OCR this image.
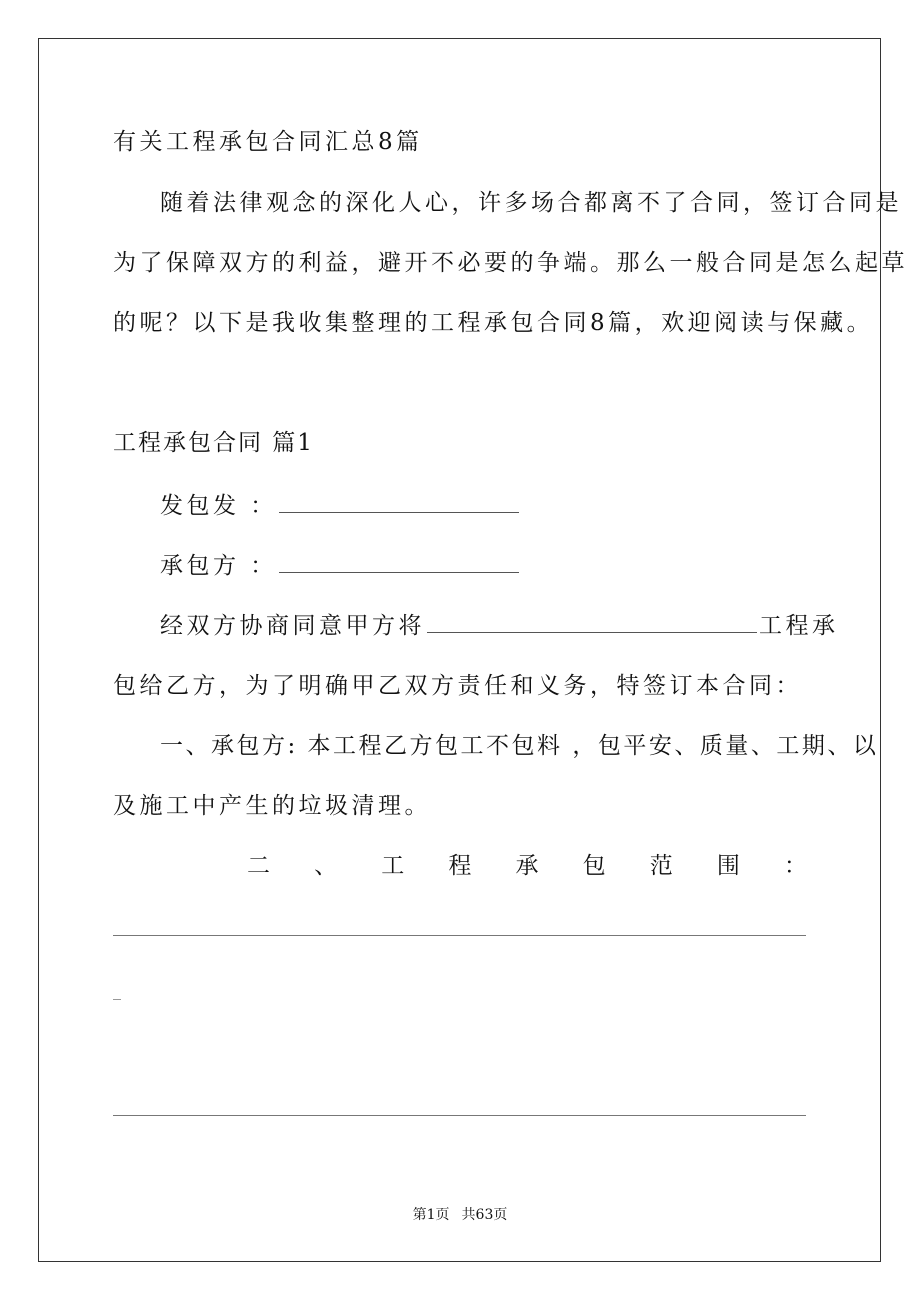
有关工程承包合同汇总8篇
随着法律观念的深化人心，许多场合都离不了合同，签订合同是
为了保障双方的利益，避开不必要的争端。那么一般合同是怎么起草
的呢？以下是我收集整理的工程承包合同8篇，欢迎阅读与保藏。
工程承包合同 篇1
发包发 ：
承包方 ：
经双方协商同意甲方将	工程承
包给乙方，为了明确甲乙双方责任和义务，特签订本合同：
一、承包方: 本工程乙方包工不包料 ，包平安、质量、工期、以
及施工中产生的垃圾清理。
二 、 工 程 承 包 范 围 ：
_
第1页 共63页
